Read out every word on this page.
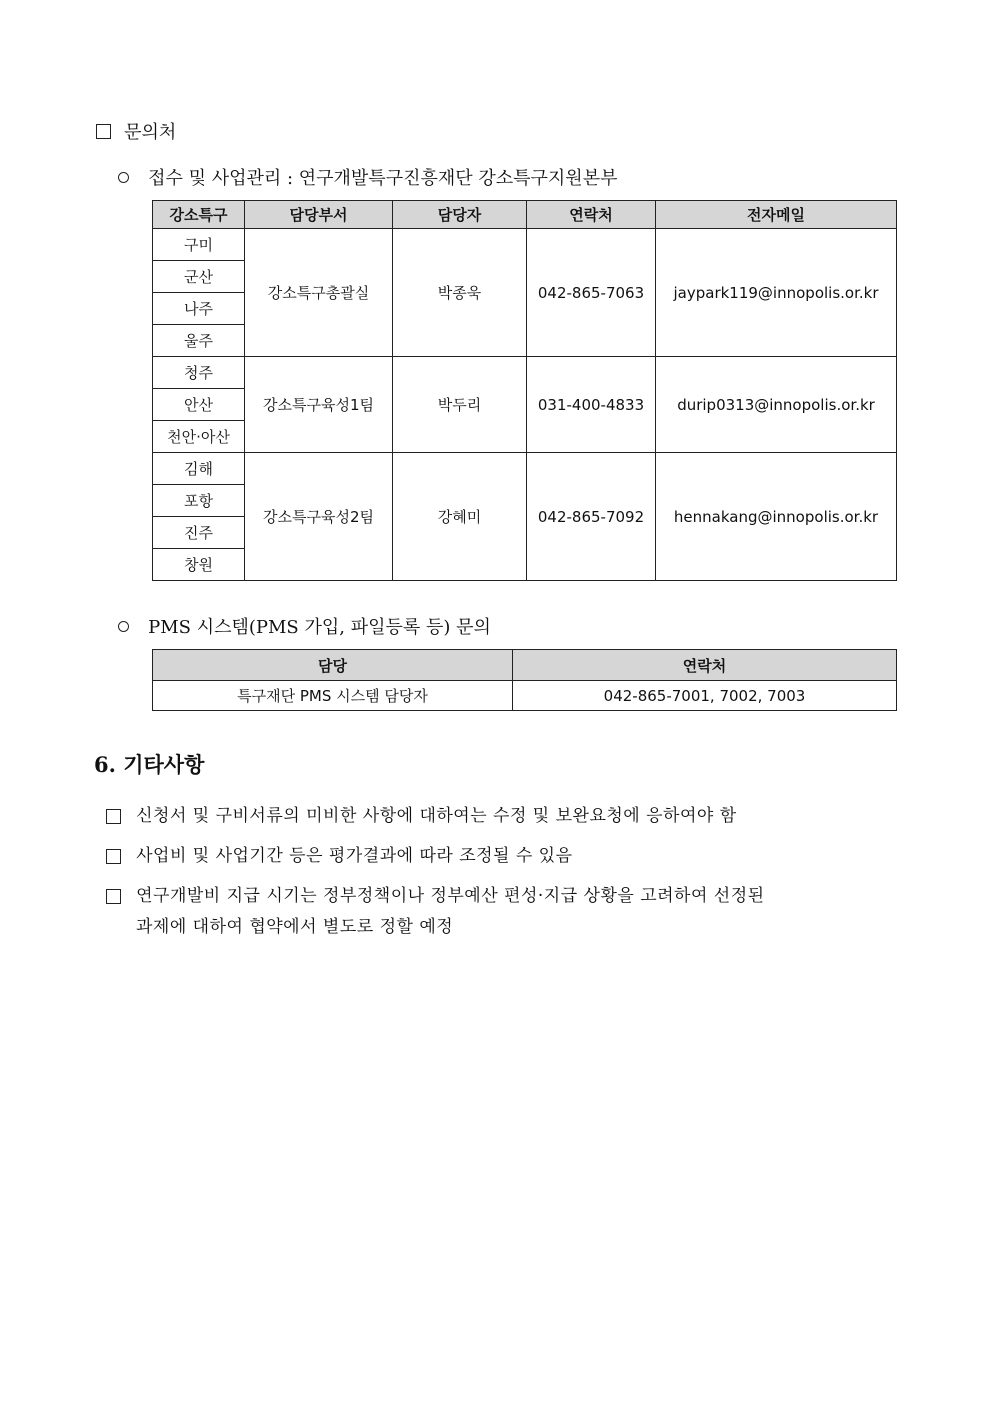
문의처
접수 및 사업관리 : 연구개발특구진흥재단 강소특구지원본부
강소특구	담당부서	담당자	연락처	전자메일
구미	강소특구총괄실	박종욱	042-865-7063	jaypark119@innopolis.or.kr
군산				
나주				
울주				
청주	강소특구육성1팀	박두리	031-400-4833	durip0313@innopolis.or.kr
안산				
천안·아산				
김해	강소특구육성2팀	강혜미	042-865-7092	hennakang@innopolis.or.kr
포항				
진주				
창원				
PMS 시스템(PMS 가입, 파일등록 등) 문의
담당	연락처
특구재단 PMS 시스템 담당자	042-865-7001, 7002, 7003
6. 기타사항
신청서 및 구비서류의 미비한 사항에 대하여는 수정 및 보완요청에 응하여야 함
사업비 및 사업기간 등은 평가결과에 따라 조정될 수 있음
연구개발비 지급 시기는 정부정책이나 정부예산 편성·지급 상황을 고려하여 선정된
과제에 대하여 협약에서 별도로 정할 예정
